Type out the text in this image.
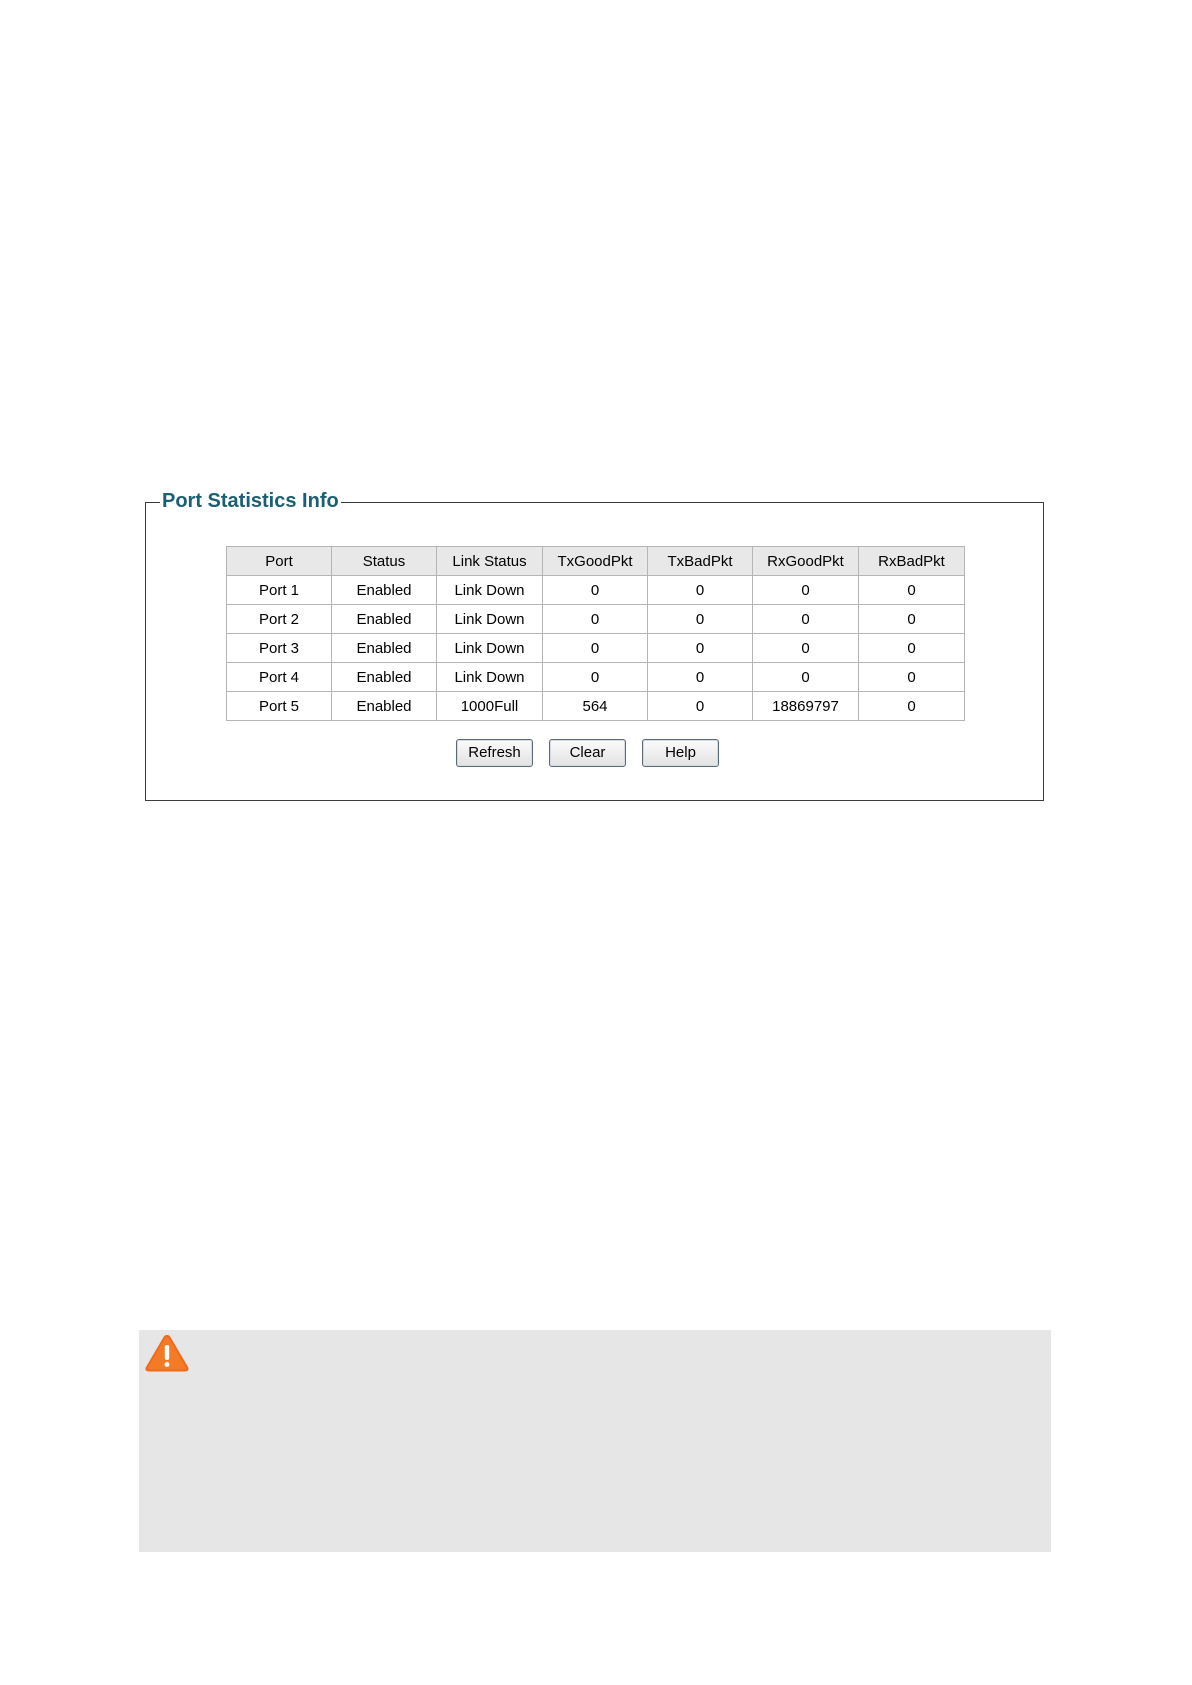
Port Statistics Info
Port	Status	Link Status	TxGoodPkt	TxBadPkt	RxGoodPkt	RxBadPkt
Port 1	Enabled	Link Down	0	0	0	0
Port 2	Enabled	Link Down	0	0	0	0
Port 3	Enabled	Link Down	0	0	0	0
Port 4	Enabled	Link Down	0	0	0	0
Port 5	Enabled	1000Full	564	0	18869797	0
Refresh	Clear	Help
